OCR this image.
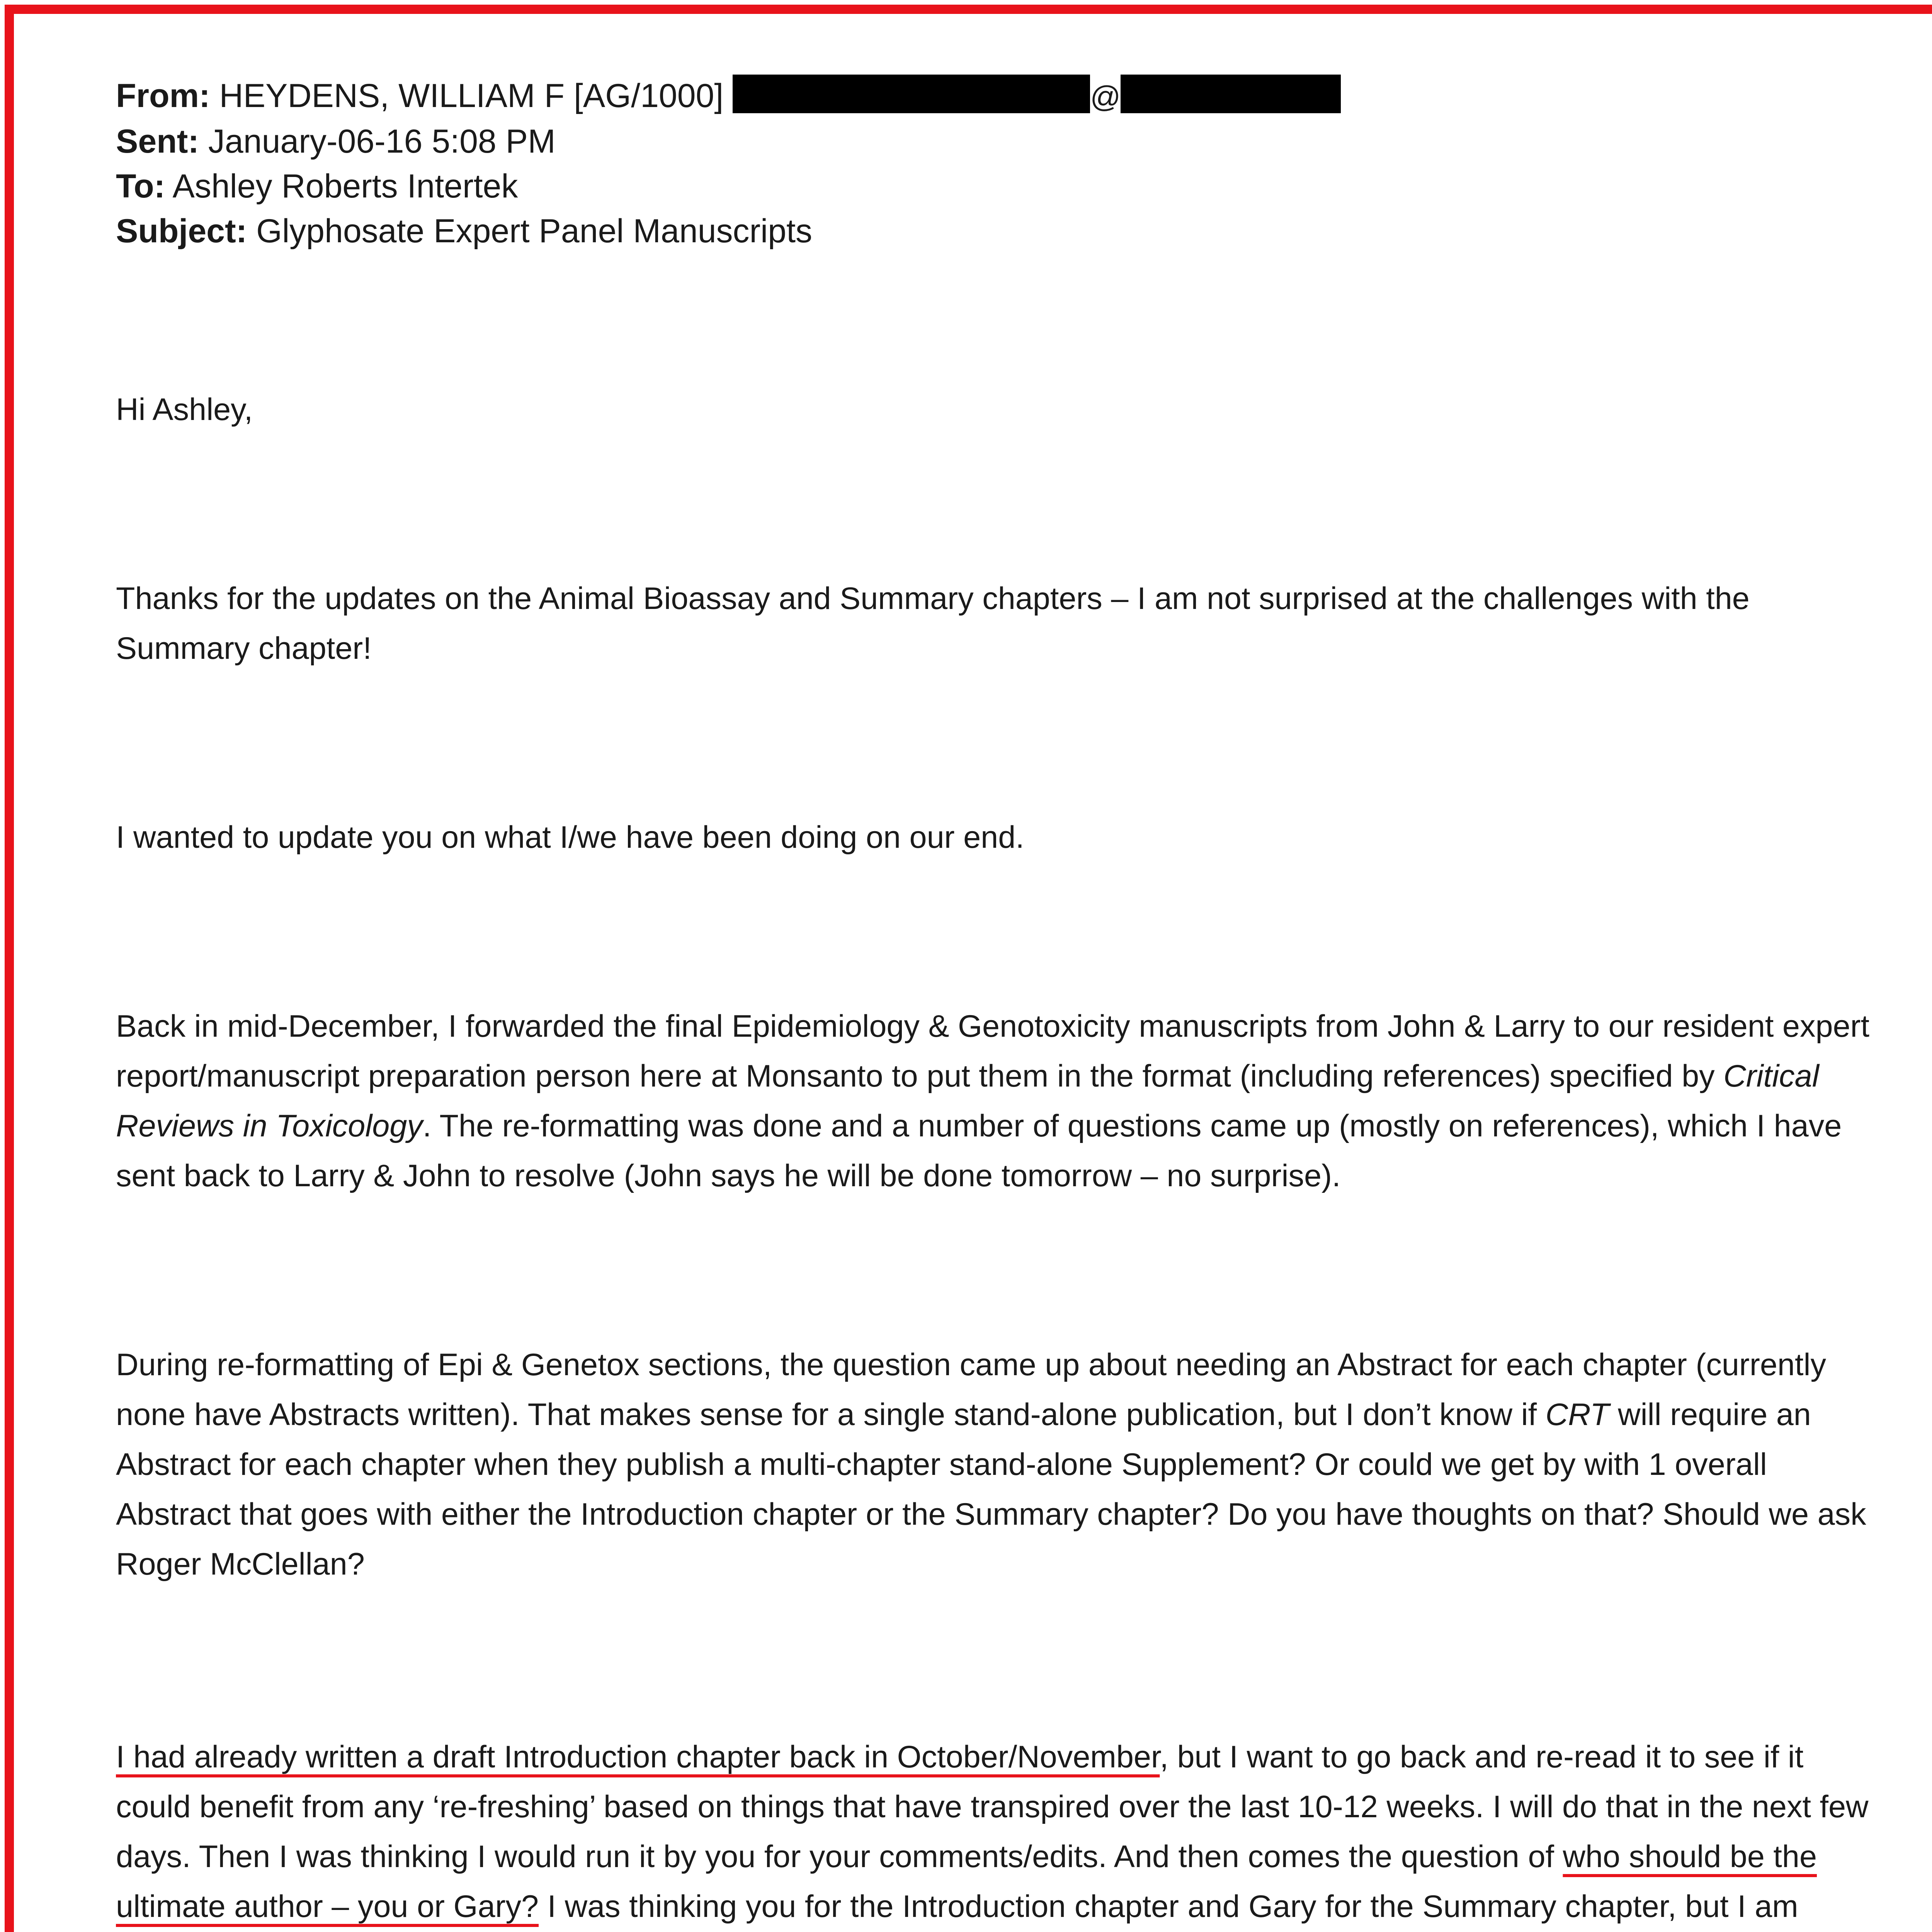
From: HEYDENS, WILLIAM F [AG/1000]	@
Sent: January-06-16 5:08 PM
To: Ashley Roberts Intertek
Subject: Glyphosate Expert Panel Manuscripts

Hi Ashley,

Thanks for the updates on the Animal Bioassay and Summary chapters – I am not surprised at the challenges with the Summary chapter!

I wanted to update you on what I/we have been doing on our end.

Back in mid-December, I forwarded the final Epidemiology & Genotoxicity manuscripts from John & Larry to our resident expert report/manuscript preparation person here at Monsanto to put them in the format (including references) specified by Critical Reviews in Toxicology. The re-formatting was done and a number of questions came up (mostly on references), which I have sent back to Larry & John to resolve (John says he will be done tomorrow – no surprise).

During re-formatting of Epi & Genetox sections, the question came up about needing an Abstract for each chapter (currently none have Abstracts written). That makes sense for a single stand-alone publication, but I don’t know if CRT will require an Abstract for each chapter when they publish a multi-chapter stand-alone Supplement? Or could we get by with 1 overall Abstract that goes with either the Introduction chapter or the Summary chapter? Do you have thoughts on that? Should we ask Roger McClellan?

I had already written a draft Introduction chapter back in October/November, but I want to go back and re-read it to see if it could benefit from any ‘re-freshing’ based on things that have transpired over the last 10-12 weeks. I will do that in the next few days. Then I was thinking I would run it by you for your comments/edits. And then comes the question of who should be the ultimate author – you or Gary? I was thinking you for the Introduction chapter and Gary for the Summary chapter, but I am
